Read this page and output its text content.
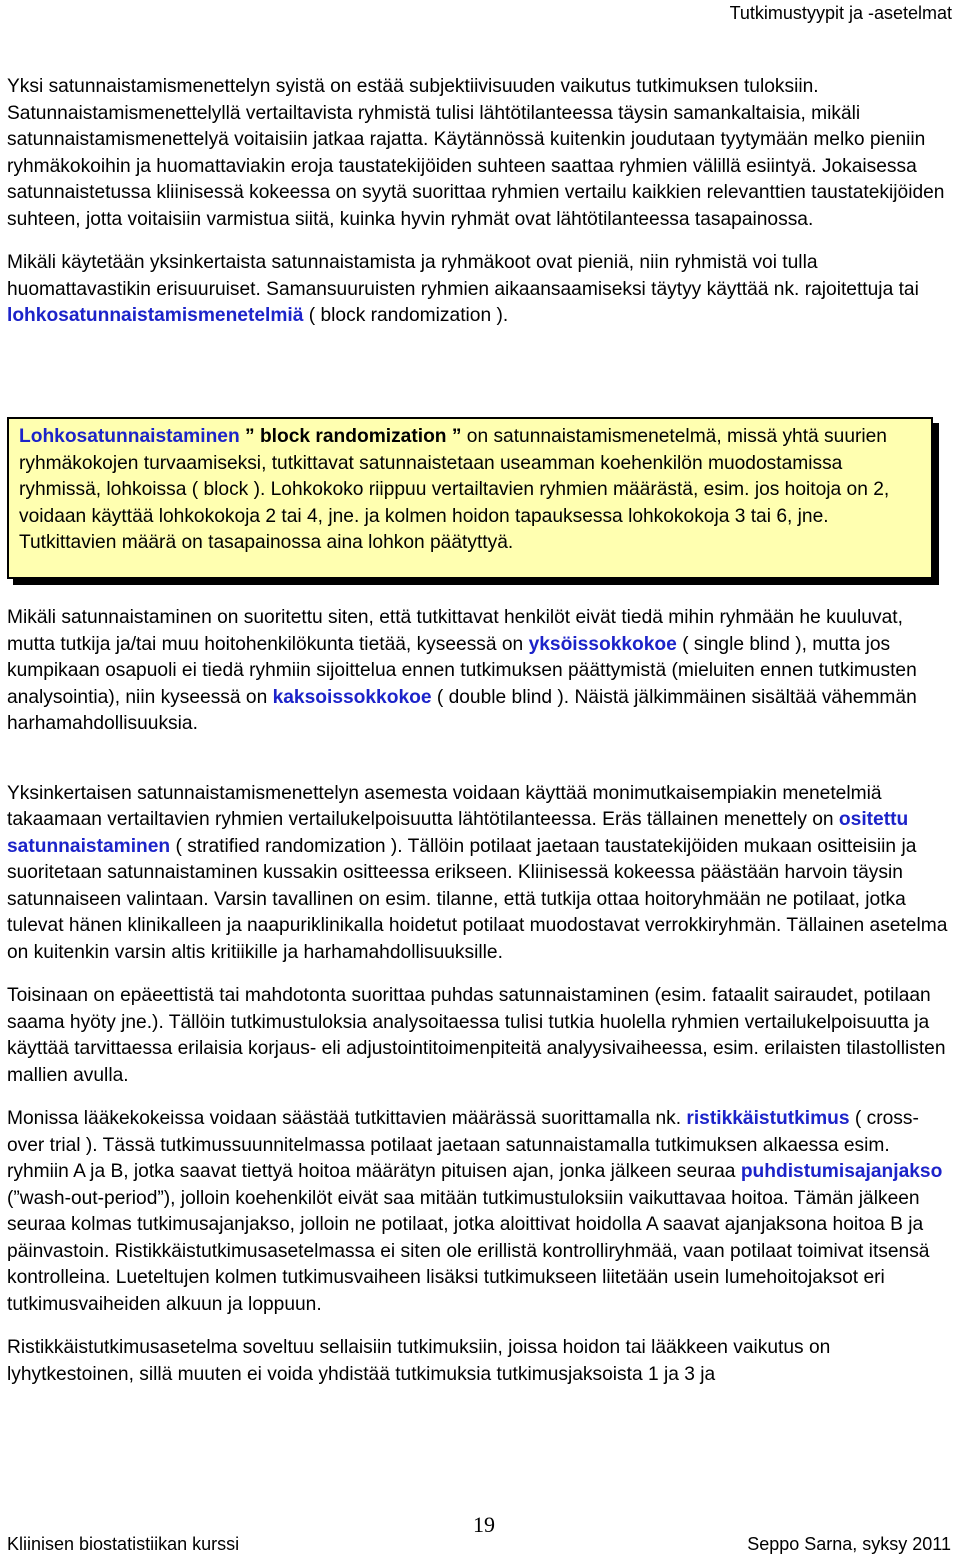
Tutkimustyypit ja -asetelmat

Yksi satunnaistamismenettelyn syistä on estää subjektiivisuuden vaikutus tutkimuksen tuloksiin. Satunnaistamismenettelyllä vertailtavista ryhmistä tulisi lähtötilanteessa täysin samankaltaisia, mikäli satunnaistamismenettelyä voitaisiin jatkaa rajatta. Käytännössä kuitenkin joudutaan tyytymään melko pieniin ryhmäkokoihin ja huomattaviakin eroja taustatekijöiden suhteen saattaa ryhmien välillä esiintyä. Jokaisessa satunnaistetussa kliinisessä kokeessa on syytä suorittaa ryhmien vertailu kaikkien relevanttien taustatekijöiden suhteen, jotta voitaisiin varmistua siitä, kuinka hyvin ryhmät ovat lähtötilanteessa tasapainossa.

Mikäli käytetään yksinkertaista satunnaistamista ja ryhmäkoot ovat pieniä, niin ryhmistä voi tulla huomattavastikin erisuuruiset. Samansuuruisten ryhmien aikaansaamiseksi täytyy käyttää nk. rajoitettuja tai lohkosatunnaistamismenetelmiä ( block randomization ).

Lohkosatunnaistaminen ” block randomization ” on satunnaistamismenetelmä, missä yhtä suurien ryhmäkokojen turvaamiseksi, tutkittavat satunnaistetaan useamman koehenkilön muodostamissa ryhmissä, lohkoissa ( block ). Lohkokoko riippuu vertailtavien ryhmien määrästä, esim. jos hoitoja on 2, voidaan käyttää lohkokokoja 2 tai 4, jne. ja kolmen hoidon tapauksessa lohkokokoja 3 tai 6, jne. Tutkittavien määrä on tasapainossa aina lohkon päätyttyä.

Mikäli satunnaistaminen on suoritettu siten, että tutkittavat henkilöt eivät tiedä mihin ryhmään he kuuluvat, mutta tutkija ja/tai muu hoitohenkilökunta tietää, kyseessä on yksöissokkokoe ( single blind ), mutta jos kumpikaan osapuoli ei tiedä ryhmiin sijoittelua ennen tutkimuksen päättymistä (mieluiten ennen tutkimusten analysointia), niin kyseessä on kaksoissokkokoe ( double blind ). Näistä jälkimmäinen sisältää vähemmän harhamahdollisuuksia.

Yksinkertaisen satunnaistamismenettelyn asemesta voidaan käyttää monimutkaisempiakin menetelmiä takaamaan vertailtavien ryhmien vertailukelpoisuutta lähtötilanteessa. Eräs tällainen menettely on ositettu satunnaistaminen ( stratified randomization ). Tällöin potilaat jaetaan taustatekijöiden mukaan ositteisiin ja suoritetaan satunnaistaminen kussakin ositteessa erikseen. Kliinisessä kokeessa päästään harvoin täysin satunnaiseen valintaan. Varsin tavallinen on esim. tilanne, että tutkija ottaa hoitoryhmään ne potilaat, jotka tulevat hänen klinikalleen ja naapuriklinikalla hoidetut potilaat muodostavat verrokkiryhmän. Tällainen asetelma on kuitenkin varsin altis kritiikille ja harhamahdollisuuksille.

Toisinaan on epäeettistä tai mahdotonta suorittaa puhdas satunnaistaminen (esim. fataalit sairaudet, potilaan saama hyöty jne.). Tällöin tutkimustuloksia analysoitaessa tulisi tutkia huolella ryhmien vertailukelpoisuutta ja käyttää tarvittaessa erilaisia korjaus- eli adjustointitoimenpiteitä analyysivaiheessa, esim. erilaisten tilastollisten mallien avulla.

Monissa lääkekokeissa voidaan säästää tutkittavien määrässä suorittamalla nk. ristikkäistutkimus ( cross-over trial ). Tässä tutkimussuunnitelmassa potilaat jaetaan satunnaistamalla tutkimuksen alkaessa esim. ryhmiin A ja B, jotka saavat tiettyä hoitoa määrätyn pituisen ajan, jonka jälkeen seuraa puhdistumisajanjakso (”wash-out-period”), jolloin koehenkilöt eivät saa mitään tutkimustuloksiin vaikuttavaa hoitoa. Tämän jälkeen seuraa kolmas tutkimusajanjakso, jolloin ne potilaat, jotka aloittivat hoidolla A saavat ajanjaksona hoitoa B ja päinvastoin. Ristikkäistutkimusasetelmassa ei siten ole erillistä kontrolliryhmää, vaan potilaat toimivat itsensä kontrolleina. Lueteltujen kolmen tutkimusvaiheen lisäksi tutkimukseen liitetään usein lumehoitojaksot eri tutkimusvaiheiden alkuun ja loppuun.

Ristikkäistutkimusasetelma soveltuu sellaisiin tutkimuksiin, joissa hoidon tai lääkkeen vaikutus on lyhytkestoinen, sillä muuten ei voida yhdistää tutkimuksia tutkimusjaksoista 1 ja 3 ja

19
Kliinisen biostatistiikan kurssi	Seppo Sarna, syksy 2011
